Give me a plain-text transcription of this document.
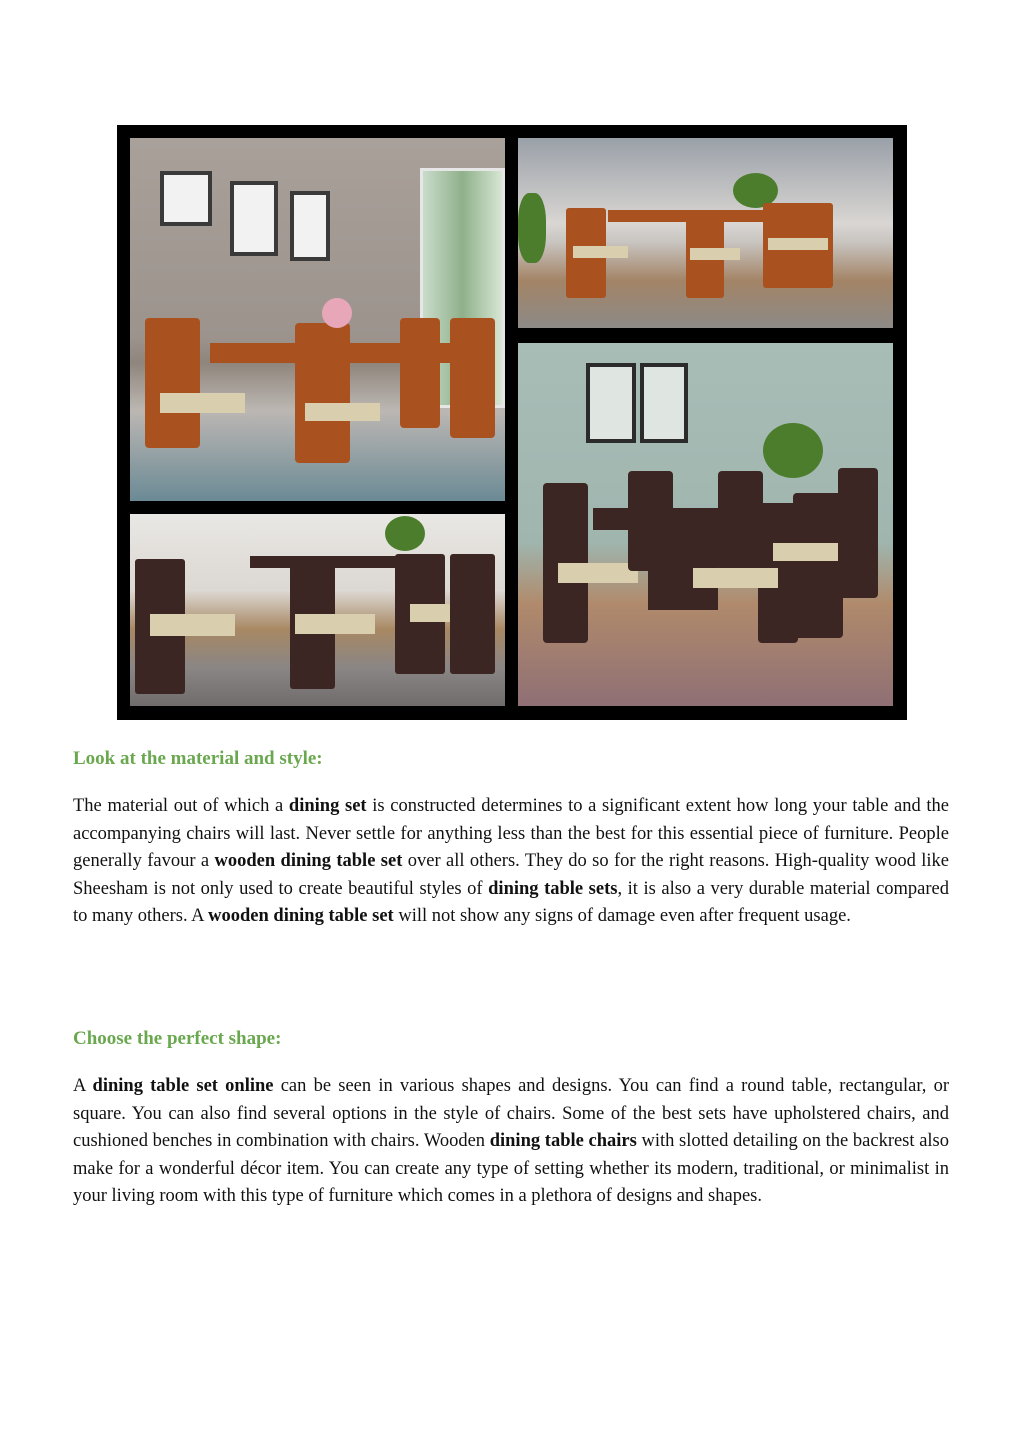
Look at the material and style:

The material out of which a dining set is constructed determines to a significant extent how long your table and the accompanying chairs will last. Never settle for anything less than the best for this essential piece of furniture. People generally favour a wooden dining table set over all others. They do so for the right reasons. High-quality wood like Sheesham is not only used to create beautiful styles of dining table sets, it is also a very durable material compared to many others. A wooden dining table set will not show any signs of damage even after frequent usage.

Choose the perfect shape:

A dining table set online can be seen in various shapes and designs. You can find a round table, rectangular, or square. You can also find several options in the style of chairs. Some of the best sets have upholstered chairs, and cushioned benches in combination with chairs. Wooden dining table chairs with slotted detailing on the backrest also make for a wonderful décor item. You can create any type of setting whether its modern, traditional, or minimalist in your living room with this type of furniture which comes in a plethora of designs and shapes.
